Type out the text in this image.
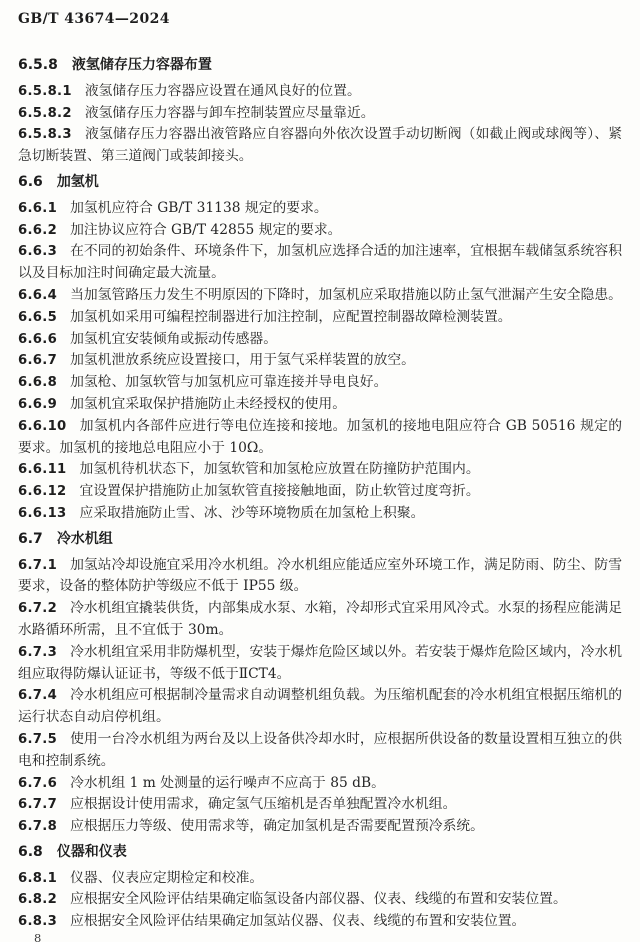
GB/T 43674—2024
6.5.8 液氢储存压力容器布置

6.5.8.1 液氢储存压力容器应设置在通风良好的位置。

6.5.8.2 液氢储存压力容器与卸车控制装置应尽量靠近。

6.5.8.3 液氢储存压力容器出液管路应自容器向外依次设置手动切断阀（如截止阀或球阀等）、紧急切断装置、第三道阀门或装卸接头。

6.6 加氢机

6.6.1 加氢机应符合 GB/T 31138 规定的要求。

6.6.2 加注协议应符合 GB/T 42855 规定的要求。

6.6.3 在不同的初始条件、环境条件下，加氢机应选择合适的加注速率，宜根据车载储氢系统容积以及目标加注时间确定最大流量。

6.6.4 当加氢管路压力发生不明原因的下降时，加氢机应采取措施以防止氢气泄漏产生安全隐患。

6.6.5 加氢机如采用可编程控制器进行加注控制，应配置控制器故障检测装置。

6.6.6 加氢机宜安装倾角或振动传感器。

6.6.7 加氢机泄放系统应设置接口，用于氢气采样装置的放空。

6.6.8 加氢枪、加氢软管与加氢机应可靠连接并导电良好。

6.6.9 加氢机宜采取保护措施防止未经授权的使用。

6.6.10 加氢机内各部件应进行等电位连接和接地。加氢机的接地电阻应符合 GB 50516 规定的要求。加氢机的接地总电阻应小于 10Ω。

6.6.11 加氢机待机状态下，加氢软管和加氢枪应放置在防撞防护范围内。

6.6.12 宜设置保护措施防止加氢软管直接接触地面，防止软管过度弯折。

6.6.13 应采取措施防止雪、冰、沙等环境物质在加氢枪上积聚。

6.7 冷水机组

6.7.1 加氢站冷却设施宜采用冷水机组。冷水机组应能适应室外环境工作，满足防雨、防尘、防雪要求，设备的整体防护等级应不低于 IP55 级。

6.7.2 冷水机组宜撬装供货，内部集成水泵、水箱，冷却形式宜采用风冷式。水泵的扬程应能满足水路循环所需，且不宜低于 30m。

6.7.3 冷水机组宜采用非防爆机型，安装于爆炸危险区域以外。若安装于爆炸危险区域内，冷水机组应取得防爆认证证书，等级不低于ⅡCT4。

6.7.4 冷水机组应可根据制冷量需求自动调整机组负载。为压缩机配套的冷水机组宜根据压缩机的运行状态自动启停机组。

6.7.5 使用一台冷水机组为两台及以上设备供冷却水时，应根据所供设备的数量设置相互独立的供电和控制系统。

6.7.6 冷水机组 1 m 处测量的运行噪声不应高于 85 dB。

6.7.7 应根据设计使用需求，确定氢气压缩机是否单独配置冷水机组。

6.7.8 应根据压力等级、使用需求等，确定加氢机是否需要配置预冷系统。

6.8 仪器和仪表

6.8.1 仪器、仪表应定期检定和校准。

6.8.2 应根据安全风险评估结果确定临氢设备内部仪器、仪表、线缆的布置和安装位置。

6.8.3 应根据安全风险评估结果确定加氢站仪器、仪表、线缆的布置和安装位置。

8
